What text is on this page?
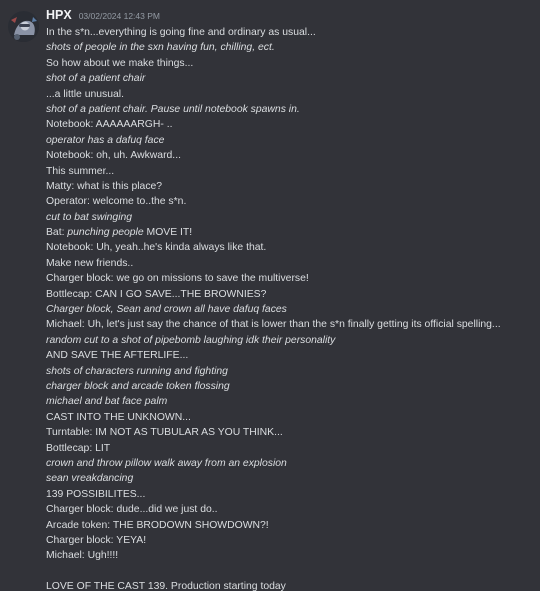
HPX 03/02/2024 12:43 PM
In the s*n...everything is going fine and ordinary as usual...
shots of people in the sxn having fun, chilling, ect.
So how about we make things...
shot of a patient chair
...a little unusual.
shot of a patient chair. Pause until notebook spawns in.
Notebook: AAAAAARGH- ..
operator has a dafuq face
Notebook: oh, uh. Awkward...
This summer...
Matty: what is this place?
Operator: welcome to..the s*n.
cut to bat swinging
Bat: punching people MOVE IT!
Notebook: Uh, yeah..he's kinda always like that.
Make new friends..
Charger block: we go on missions to save the multiverse!
Bottlecap: CAN I GO SAVE...THE BROWNIES?
Charger block, Sean and crown all have dafuq faces
Michael: Uh, let's just say the chance of that is lower than the s*n finally getting its official spelling...
random cut to a shot of pipebomb laughing idk their personality
AND SAVE THE AFTERLIFE...
shots of characters running and fighting
charger block and arcade token flossing
michael and bat face palm
CAST INTO THE UNKNOWN...
Turntable: IM NOT AS TUBULAR AS YOU THINK...
Bottlecap: LIT
crown and throw pillow walk away from an explosion
sean vreakdancing
139 POSSIBILITES...
Charger block: dude...did we just do..
Arcade token: THE BRODOWN SHOWDOWN?!
Charger block: YEYA!
Michael: Ugh!!!!
LOVE OF THE CAST 139. Production starting today
